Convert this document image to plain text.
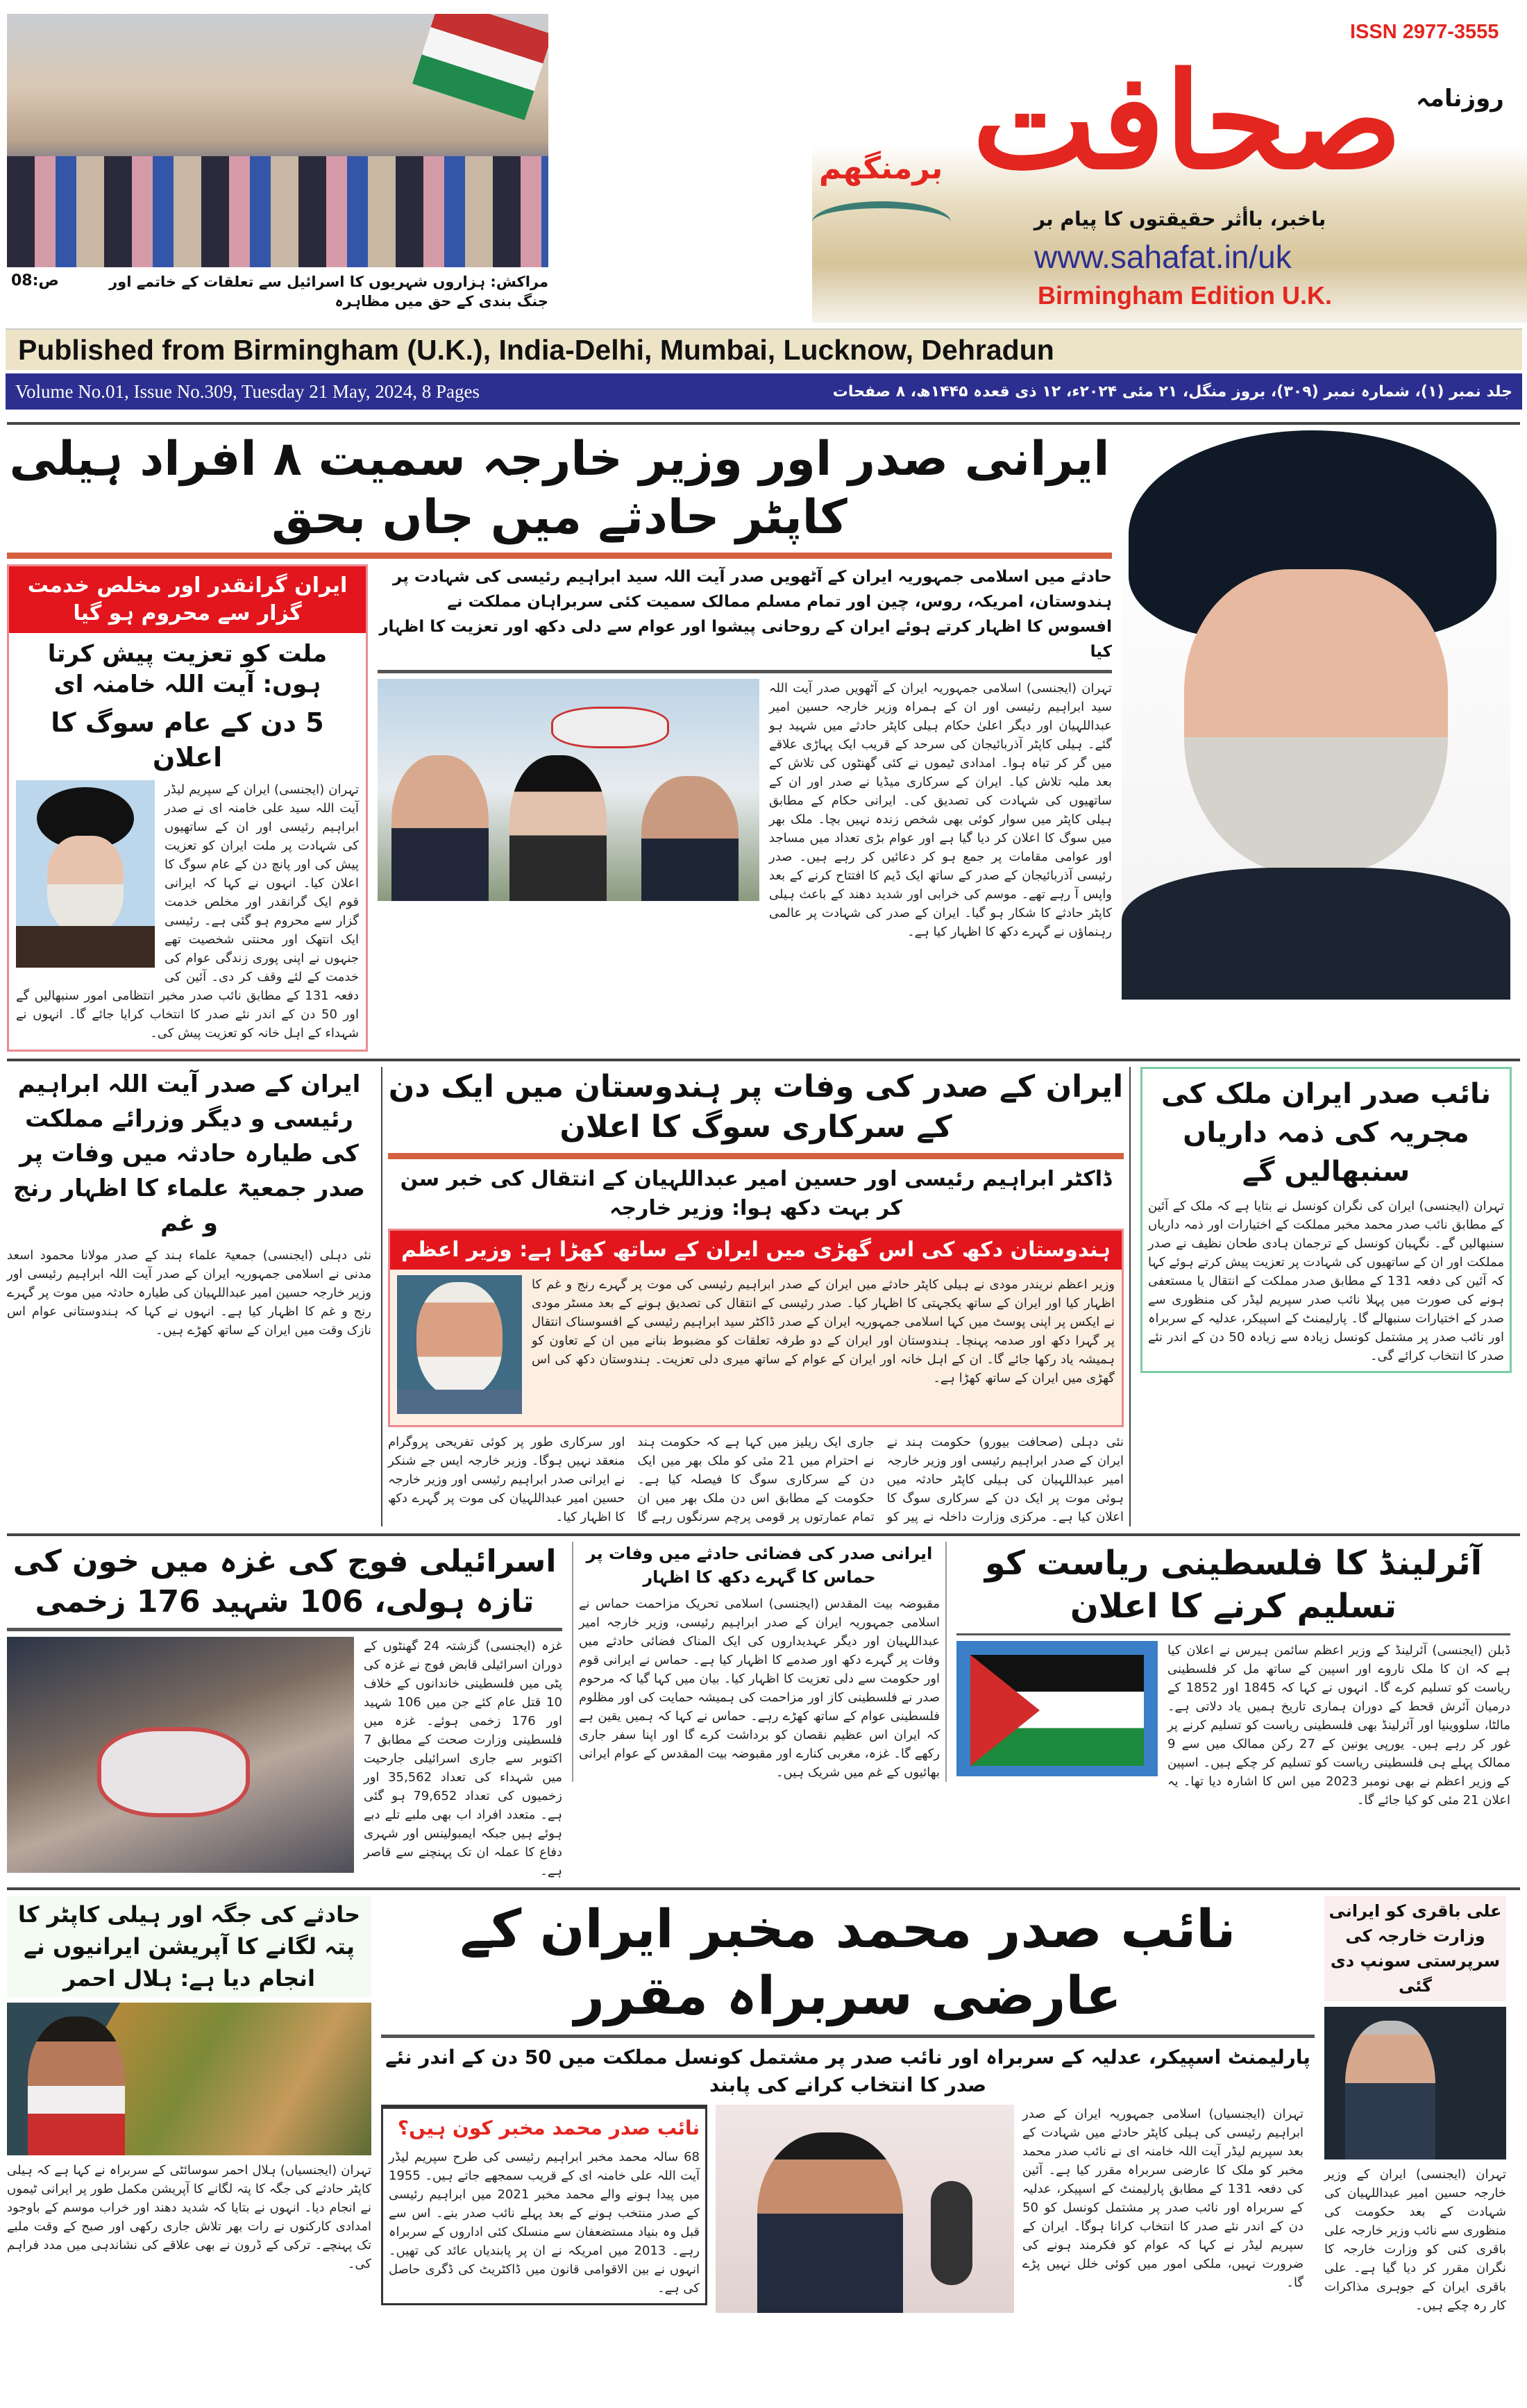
مراکش: ہزاروں شہریوں کا اسرائیل سے تعلقات کے خاتمے اور جنگ بندی کے حق میں مظاہرہ
ص:08
ISSN 2977-3555
روزنامہ
صحافت
برمنگھم
باخبر، باأثر حقیقتوں کا پیام بر
www.sahafat.in/uk
Birmingham Edition U.K.
Published from Birmingham (U.K.), India-Delhi, Mumbai, Lucknow, Dehradun
Volume No.01, Issue No.309, Tuesday 21 May, 2024, 8 Pages	جلد نمبر (۱)، شمارہ نمبر (۳۰۹)، بروز منگل، ۲۱ مئی ۲۰۲۴ء، ۱۲ ذی قعدہ ۱۴۴۵ھ، ۸ صفحات
ایرانی صدر اور وزیر خارجہ سمیت ۸ افراد ہیلی کاپٹر حادثے میں جاں بحق
ایران گرانقدر اور مخلص خدمت گزار سے محروم ہو گیا
ملت کو تعزیت پیش کرتا ہوں: آیت اللہ خامنہ ای
5 دن کے عام سوگ کا اعلان
تہران (ایجنسی) ایران کے سپریم لیڈر آیت اللہ سید علی خامنہ ای نے صدر ابراہیم رئیسی اور ان کے ساتھیوں کی شہادت پر ملت ایران کو تعزیت پیش کی اور پانچ دن کے عام سوگ کا اعلان کیا۔ انہوں نے کہا کہ ایرانی قوم ایک گرانقدر اور مخلص خدمت گزار سے محروم ہو گئی ہے۔ رئیسی ایک انتھک اور محنتی شخصیت تھے جنہوں نے اپنی پوری زندگی عوام کی خدمت کے لئے وقف کر دی۔ آئین کی دفعہ 131 کے مطابق نائب صدر مخبر انتظامی امور سنبھالیں گے اور 50 دن کے اندر نئے صدر کا انتخاب کرایا جائے گا۔ انہوں نے شہداء کے اہل خانہ کو تعزیت پیش کی۔
حادثے میں اسلامی جمہوریہ ایران کے آٹھویں صدر آیت اللہ سید ابراہیم رئیسی کی شہادت پر ہندوستان، امریکہ، روس، چین اور تمام مسلم ممالک سمیت کئی سربراہان مملکت نے افسوس کا اظہار کرتے ہوئے ایران کے روحانی پیشوا اور عوام سے دلی دکھ اور تعزیت کا اظہار کیا
تہران (ایجنسی) اسلامی جمہوریہ ایران کے آٹھویں صدر آیت اللہ سید ابراہیم رئیسی اور ان کے ہمراہ وزیر خارجہ حسین امیر عبداللہیان اور دیگر اعلیٰ حکام ہیلی کاپٹر حادثے میں شہید ہو گئے۔ ہیلی کاپٹر آذربائیجان کی سرحد کے قریب ایک پہاڑی علاقے میں گر کر تباہ ہوا۔ امدادی ٹیموں نے کئی گھنٹوں کی تلاش کے بعد ملبہ تلاش کیا۔ ایران کے سرکاری میڈیا نے صدر اور ان کے ساتھیوں کی شہادت کی تصدیق کی۔ ایرانی حکام کے مطابق ہیلی کاپٹر میں سوار کوئی بھی شخص زندہ نہیں بچا۔ ملک بھر میں سوگ کا اعلان کر دیا گیا ہے اور عوام بڑی تعداد میں مساجد اور عوامی مقامات پر جمع ہو کر دعائیں کر رہے ہیں۔ صدر رئیسی آذربائیجان کے صدر کے ساتھ ایک ڈیم کا افتتاح کرنے کے بعد واپس آ رہے تھے۔ موسم کی خرابی اور شدید دھند کے باعث ہیلی کاپٹر حادثے کا شکار ہو گیا۔ ایران کے صدر کی شہادت پر عالمی رہنماؤں نے گہرے دکھ کا اظہار کیا ہے۔
ایران کے صدر آیت اللہ ابراہیم رئیسی و دیگر وزرائے مملکت کی طیارہ حادثہ میں وفات پر صدر جمعیۃ علماء کا اظہار رنج و غم
نئی دہلی (ایجنسی) جمعیۃ علماء ہند کے صدر مولانا محمود اسعد مدنی نے اسلامی جمہوریہ ایران کے صدر آیت اللہ ابراہیم رئیسی اور وزیر خارجہ حسین امیر عبداللہیان کی طیارہ حادثہ میں موت پر گہرے رنج و غم کا اظہار کیا ہے۔ انہوں نے کہا کہ ہندوستانی عوام اس نازک وقت میں ایران کے ساتھ کھڑے ہیں۔
ایران کے صدر کی وفات پر ہندوستان میں ایک دن کے سرکاری سوگ کا اعلان
ڈاکٹر ابراہیم رئیسی اور حسین امیر عبداللہیان کے انتقال کی خبر سن کر بہت دکھ ہوا: وزیر خارجہ
ہندوستان دکھ کی اس گھڑی میں ایران کے ساتھ کھڑا ہے: وزیر اعظم
وزیر اعظم نریندر مودی نے ہیلی کاپٹر حادثے میں ایران کے صدر ابراہیم رئیسی کی موت پر گہرے رنج و غم کا اظہار کیا اور ایران کے ساتھ یکجہتی کا اظہار کیا۔ صدر رئیسی کے انتقال کی تصدیق ہونے کے بعد مسٹر مودی نے ایکس پر اپنی پوسٹ میں کہا اسلامی جمہوریہ ایران کے صدر ڈاکٹر سید ابراہیم رئیسی کے افسوسناک انتقال پر گہرا دکھ اور صدمہ پہنچا۔ ہندوستان اور ایران کے دو طرفہ تعلقات کو مضبوط بنانے میں ان کے تعاون کو ہمیشہ یاد رکھا جائے گا۔ ان کے اہل خانہ اور ایران کے عوام کے ساتھ میری دلی تعزیت۔ ہندوستان دکھ کی اس گھڑی میں ایران کے ساتھ کھڑا ہے۔
نئی دہلی (صحافت بیورو) حکومت ہند نے ایران کے صدر ابراہیم رئیسی اور وزیر خارجہ امیر عبداللہیان کی ہیلی کاپٹر حادثہ میں ہوئی موت پر ایک دن کے سرکاری سوگ کا اعلان کیا ہے۔ مرکزی وزارت داخلہ نے پیر کو جاری ایک ریلیز میں کہا ہے کہ حکومت ہند نے احترام میں 21 مئی کو ملک بھر میں ایک دن کے سرکاری سوگ کا فیصلہ کیا ہے۔ حکومت کے مطابق اس دن ملک بھر میں ان تمام عمارتوں پر قومی پرچم سرنگوں رہے گا اور سرکاری طور پر کوئی تفریحی پروگرام منعقد نہیں ہوگا۔ وزیر خارجہ ایس جے شنکر نے ایرانی صدر ابراہیم رئیسی اور وزیر خارجہ حسین امیر عبداللہیان کی موت پر گہرے دکھ کا اظہار کیا۔
نائب صدر ایران ملک کی مجریہ کی ذمہ داریاں سنبھالیں گے
تہران (ایجنسی) ایران کی نگران کونسل نے بتایا ہے کہ ملک کے آئین کے مطابق نائب صدر محمد مخبر مملکت کے اختیارات اور ذمہ داریاں سنبھالیں گے۔ نگہبان کونسل کے ترجمان ہادی طحان نظیف نے صدر مملکت اور ان کے ساتھیوں کی شہادت پر تعزیت پیش کرتے ہوئے کہا کہ آئین کی دفعہ 131 کے مطابق صدر مملکت کے انتقال یا مستعفی ہونے کی صورت میں پہلا نائب صدر سپریم لیڈر کی منظوری سے صدر کے اختیارات سنبھالے گا۔ پارلیمنٹ کے اسپیکر، عدلیہ کے سربراہ اور نائب صدر پر مشتمل کونسل زیادہ سے زیادہ 50 دن کے اندر نئے صدر کا انتخاب کرائے گی۔
اسرائیلی فوج کی غزہ میں خون کی تازہ ہولی، 106 شہید 176 زخمی
غزہ (ایجنسی) گزشتہ 24 گھنٹوں کے دوران اسرائیلی قابض فوج نے غزہ کی پٹی میں فلسطینی خاندانوں کے خلاف 10 قتل عام کئے جن میں 106 شہید اور 176 زخمی ہوئے۔ غزہ میں فلسطینی وزارت صحت کے مطابق 7 اکتوبر سے جاری اسرائیلی جارحیت میں شہداء کی تعداد 35,562 اور زخمیوں کی تعداد 79,652 ہو گئی ہے۔ متعدد افراد اب بھی ملبے تلے دبے ہوئے ہیں جبکہ ایمبولینس اور شہری دفاع کا عملہ ان تک پہنچنے سے قاصر ہے۔
ایرانی صدر کی فضائی حادثے میں وفات پر حماس کا گہرے دکھ کا اظہار
مقبوضہ بیت المقدس (ایجنسی) اسلامی تحریک مزاحمت حماس نے اسلامی جمہوریہ ایران کے صدر ابراہیم رئیسی، وزیر خارجہ امیر عبداللہیان اور دیگر عہدیداروں کی ایک المناک فضائی حادثے میں وفات پر گہرے دکھ اور صدمے کا اظہار کیا ہے۔ حماس نے ایرانی قوم اور حکومت سے دلی تعزیت کا اظہار کیا۔ بیان میں کہا گیا کہ مرحوم صدر نے فلسطینی کاز اور مزاحمت کی ہمیشہ حمایت کی اور مظلوم فلسطینی عوام کے ساتھ کھڑے رہے۔ حماس نے کہا کہ ہمیں یقین ہے کہ ایران اس عظیم نقصان کو برداشت کرے گا اور اپنا سفر جاری رکھے گا۔ غزہ، مغربی کنارے اور مقبوضہ بیت المقدس کے عوام ایرانی بھائیوں کے غم میں شریک ہیں۔
آئرلینڈ کا فلسطینی ریاست کو تسلیم کرنے کا اعلان
ڈبلن (ایجنسی) آئرلینڈ کے وزیر اعظم سائمن ہیرس نے اعلان کیا ہے کہ ان کا ملک ناروے اور اسپین کے ساتھ مل کر فلسطینی ریاست کو تسلیم کرے گا۔ انہوں نے کہا کہ 1845 اور 1852 کے درمیان آئرش قحط کے دوران ہماری تاریخ ہمیں یاد دلاتی ہے۔ مالٹا، سلووینیا اور آئرلینڈ بھی فلسطینی ریاست کو تسلیم کرنے پر غور کر رہے ہیں۔ یورپی یونین کے 27 رکن ممالک میں سے 9 ممالک پہلے ہی فلسطینی ریاست کو تسلیم کر چکے ہیں۔ اسپین کے وزیر اعظم نے بھی نومبر 2023 میں اس کا اشارہ دیا تھا۔ یہ اعلان 21 مئی کو کیا جائے گا۔
حادثے کی جگہ اور ہیلی کاپٹر کا پتہ لگانے کا آپریشن ایرانیوں نے انجام دیا ہے: ہلال احمر
تہران (ایجنسیاں) ہلال احمر سوسائٹی کے سربراہ نے کہا ہے کہ ہیلی کاپٹر حادثے کی جگہ کا پتہ لگانے کا آپریشن مکمل طور پر ایرانی ٹیموں نے انجام دیا۔ انہوں نے بتایا کہ شدید دھند اور خراب موسم کے باوجود امدادی کارکنوں نے رات بھر تلاش جاری رکھی اور صبح کے وقت ملبے تک پہنچے۔ ترکی کے ڈرون نے بھی علاقے کی نشاندہی میں مدد فراہم کی۔
نائب صدر محمد مخبر ایران کے عارضی سربراہ مقرر
پارلیمنٹ اسپیکر، عدلیہ کے سربراہ اور نائب صدر پر مشتمل کونسل مملکت میں 50 دن کے اندر نئے صدر کا انتخاب کرانے کی پابند
نائب صدر محمد مخبر کون ہیں؟
68 سالہ محمد مخبر ابراہیم رئیسی کی طرح سپریم لیڈر آیت اللہ علی خامنہ ای کے قریب سمجھے جاتے ہیں۔ 1955 میں پیدا ہونے والے محمد مخبر 2021 میں ابراہیم رئیسی کے صدر منتخب ہونے کے بعد پہلے نائب صدر بنے۔ اس سے قبل وہ بنیاد مستضعفان سے منسلک کئی اداروں کے سربراہ رہے۔ 2013 میں امریکہ نے ان پر پابندیاں عائد کی تھیں۔ انہوں نے بین الاقوامی قانون میں ڈاکٹریٹ کی ڈگری حاصل کی ہے۔
تہران (ایجنسیاں) اسلامی جمہوریہ ایران کے صدر ابراہیم رئیسی کی ہیلی کاپٹر حادثے میں شہادت کے بعد سپریم لیڈر آیت اللہ خامنہ ای نے نائب صدر محمد مخبر کو ملک کا عارضی سربراہ مقرر کیا ہے۔ آئین کی دفعہ 131 کے مطابق پارلیمنٹ کے اسپیکر، عدلیہ کے سربراہ اور نائب صدر پر مشتمل کونسل کو 50 دن کے اندر نئے صدر کا انتخاب کرانا ہوگا۔ ایران کے سپریم لیڈر نے کہا کہ عوام کو فکرمند ہونے کی ضرورت نہیں، ملکی امور میں کوئی خلل نہیں پڑے گا۔
علی باقری کو ایرانی وزارت خارجہ کی سرپرستی سونپ دی گئی
تہران (ایجنسی) ایران کے وزیر خارجہ حسین امیر عبداللہیان کی شہادت کے بعد حکومت کی منظوری سے نائب وزیر خارجہ علی باقری کنی کو وزارت خارجہ کا نگران مقرر کر دیا گیا ہے۔ علی باقری ایران کے جوہری مذاکرات کار رہ چکے ہیں۔
